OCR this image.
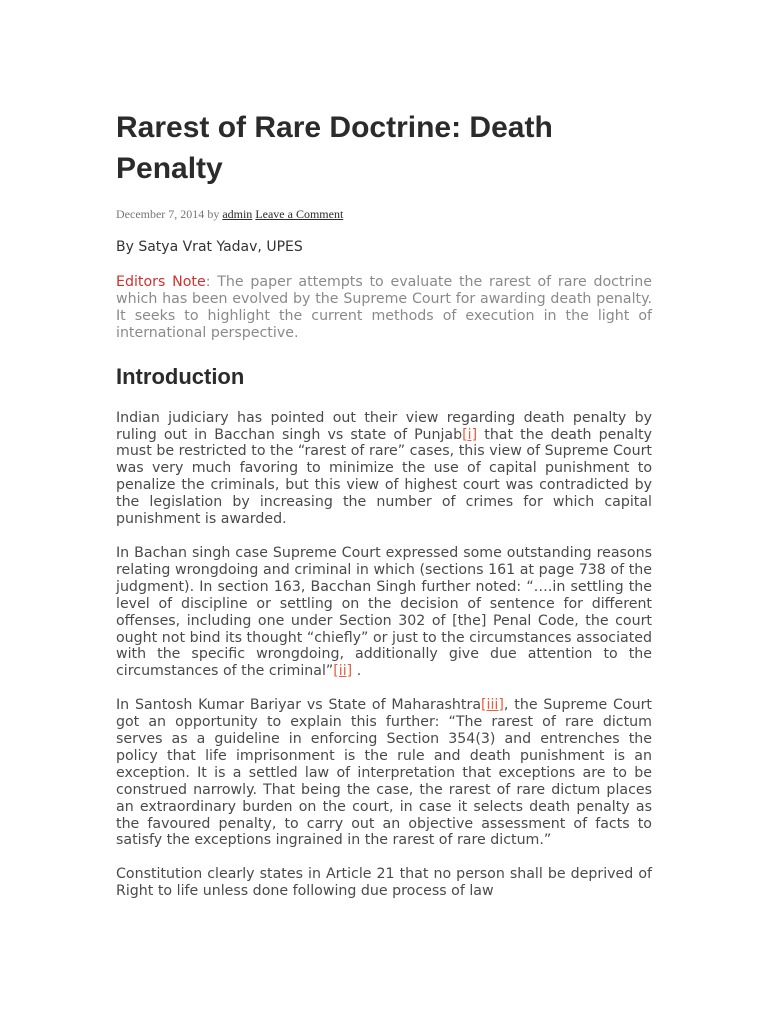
Rarest of Rare Doctrine: Death Penalty
December 7, 2014 by admin Leave a Comment
By Satya Vrat Yadav, UPES

Editors Note: The paper attempts to evaluate the rarest of rare doctrine which has been evolved by the Supreme Court for awarding death penalty. It seeks to highlight the current methods of execution in the light of international perspective.

Introduction

Indian judiciary has pointed out their view regarding death penalty by ruling out in Bacchan singh vs state of Punjab[i] that the death penalty must be restricted to the “rarest of rare” cases, this view of Supreme Court was very much favoring to minimize the use of capital punishment to penalize the criminals, but this view of highest court was contradicted by the legislation by increasing the number of crimes for which capital punishment is awarded.

In Bachan singh case Supreme Court expressed some outstanding reasons relating wrongdoing and criminal in which (sections 161 at page 738 of the judgment). In section 163, Bacchan Singh further noted: “….in settling the level of discipline or settling on the decision of sentence for different offenses, including one under Section 302 of [the] Penal Code, the court ought not bind its thought “chiefly” or just to the circumstances associated with the specific wrongdoing, additionally give due attention to the circumstances of the criminal”[ii] .

In Santosh Kumar Bariyar vs State of Maharashtra[iii], the Supreme Court got an opportunity to explain this further: “The rarest of rare dictum serves as a guideline in enforcing Section 354(3) and entrenches the policy that life imprisonment is the rule and death punishment is an exception. It is a settled law of interpretation that exceptions are to be construed narrowly. That being the case, the rarest of rare dictum places an extraordinary burden on the court, in case it selects death penalty as the favoured penalty, to carry out an objective assessment of facts to satisfy the exceptions ingrained in the rarest of rare dictum.”

Constitution clearly states in Article 21 that no person shall be deprived of Right to life unless done following due process of law
